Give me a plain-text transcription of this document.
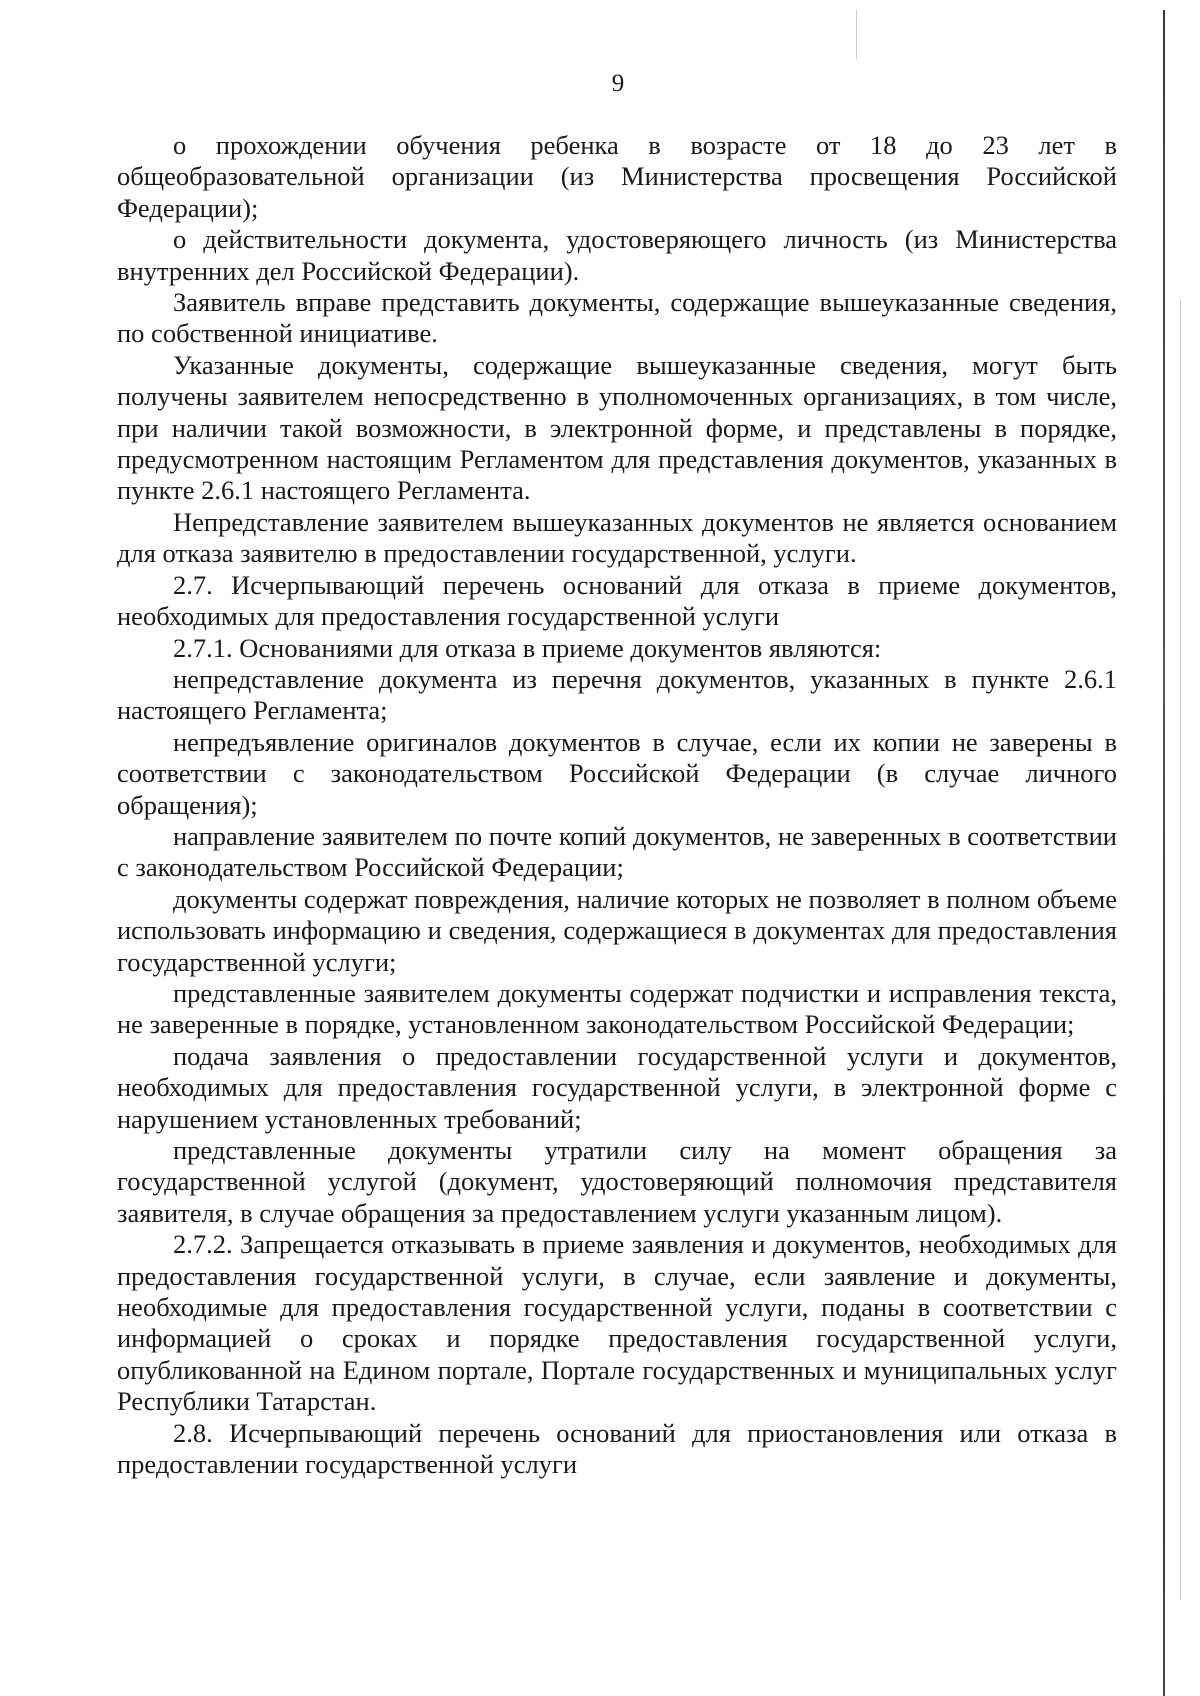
9

о прохождении обучения ребенка в возрасте от 18 до 23 лет в общеобразовательной организации (из Министерства просвещения Российской Федерации);

о действительности документа, удостоверяющего личность (из Министерства внутренних дел Российской Федерации).

Заявитель вправе представить документы, содержащие вышеуказанные сведения, по собственной инициативе.

Указанные документы, содержащие вышеуказанные сведения, могут быть получены заявителем непосредственно в уполномоченных организациях, в том числе, при наличии такой возможности, в электронной форме, и представлены в порядке, предусмотренном настоящим Регламентом для представления документов, указанных в пункте 2.6.1 настоящего Регламента.

Непредставление заявителем вышеуказанных документов не является основанием для отказа заявителю в предоставлении государственной, услуги.

2.7. Исчерпывающий перечень оснований для отказа в приеме документов, необходимых для предоставления государственной услуги

2.7.1. Основаниями для отказа в приеме документов являются:

непредставление документа из перечня документов, указанных в пункте 2.6.1 настоящего Регламента;

непредъявление оригиналов документов в случае, если их копии не заверены в соответствии с законодательством Российской Федерации (в случае личного обращения);

направление заявителем по почте копий документов, не заверенных в соответствии с законодательством Российской Федерации;

документы содержат повреждения, наличие которых не позволяет в полном объеме использовать информацию и сведения, содержащиеся в документах для предоставления государственной услуги;

представленные заявителем документы содержат подчистки и исправления текста, не заверенные в порядке, установленном законодательством Российской Федерации;

подача заявления о предоставлении государственной услуги и документов, необходимых для предоставления государственной услуги, в электронной форме с нарушением установленных требований;

представленные документы утратили силу на момент обращения за государственной услугой (документ, удостоверяющий полномочия представителя заявителя, в случае обращения за предоставлением услуги указанным лицом).

2.7.2. Запрещается отказывать в приеме заявления и документов, необходимых для предоставления государственной услуги, в случае, если заявление и документы, необходимые для предоставления государственной услуги, поданы в соответствии с информацией о сроках и порядке предоставления государственной услуги, опубликованной на Едином портале, Портале государственных и муниципальных услуг Республики Татарстан.

2.8. Исчерпывающий перечень оснований для приостановления или отказа в предоставлении государственной услуги
